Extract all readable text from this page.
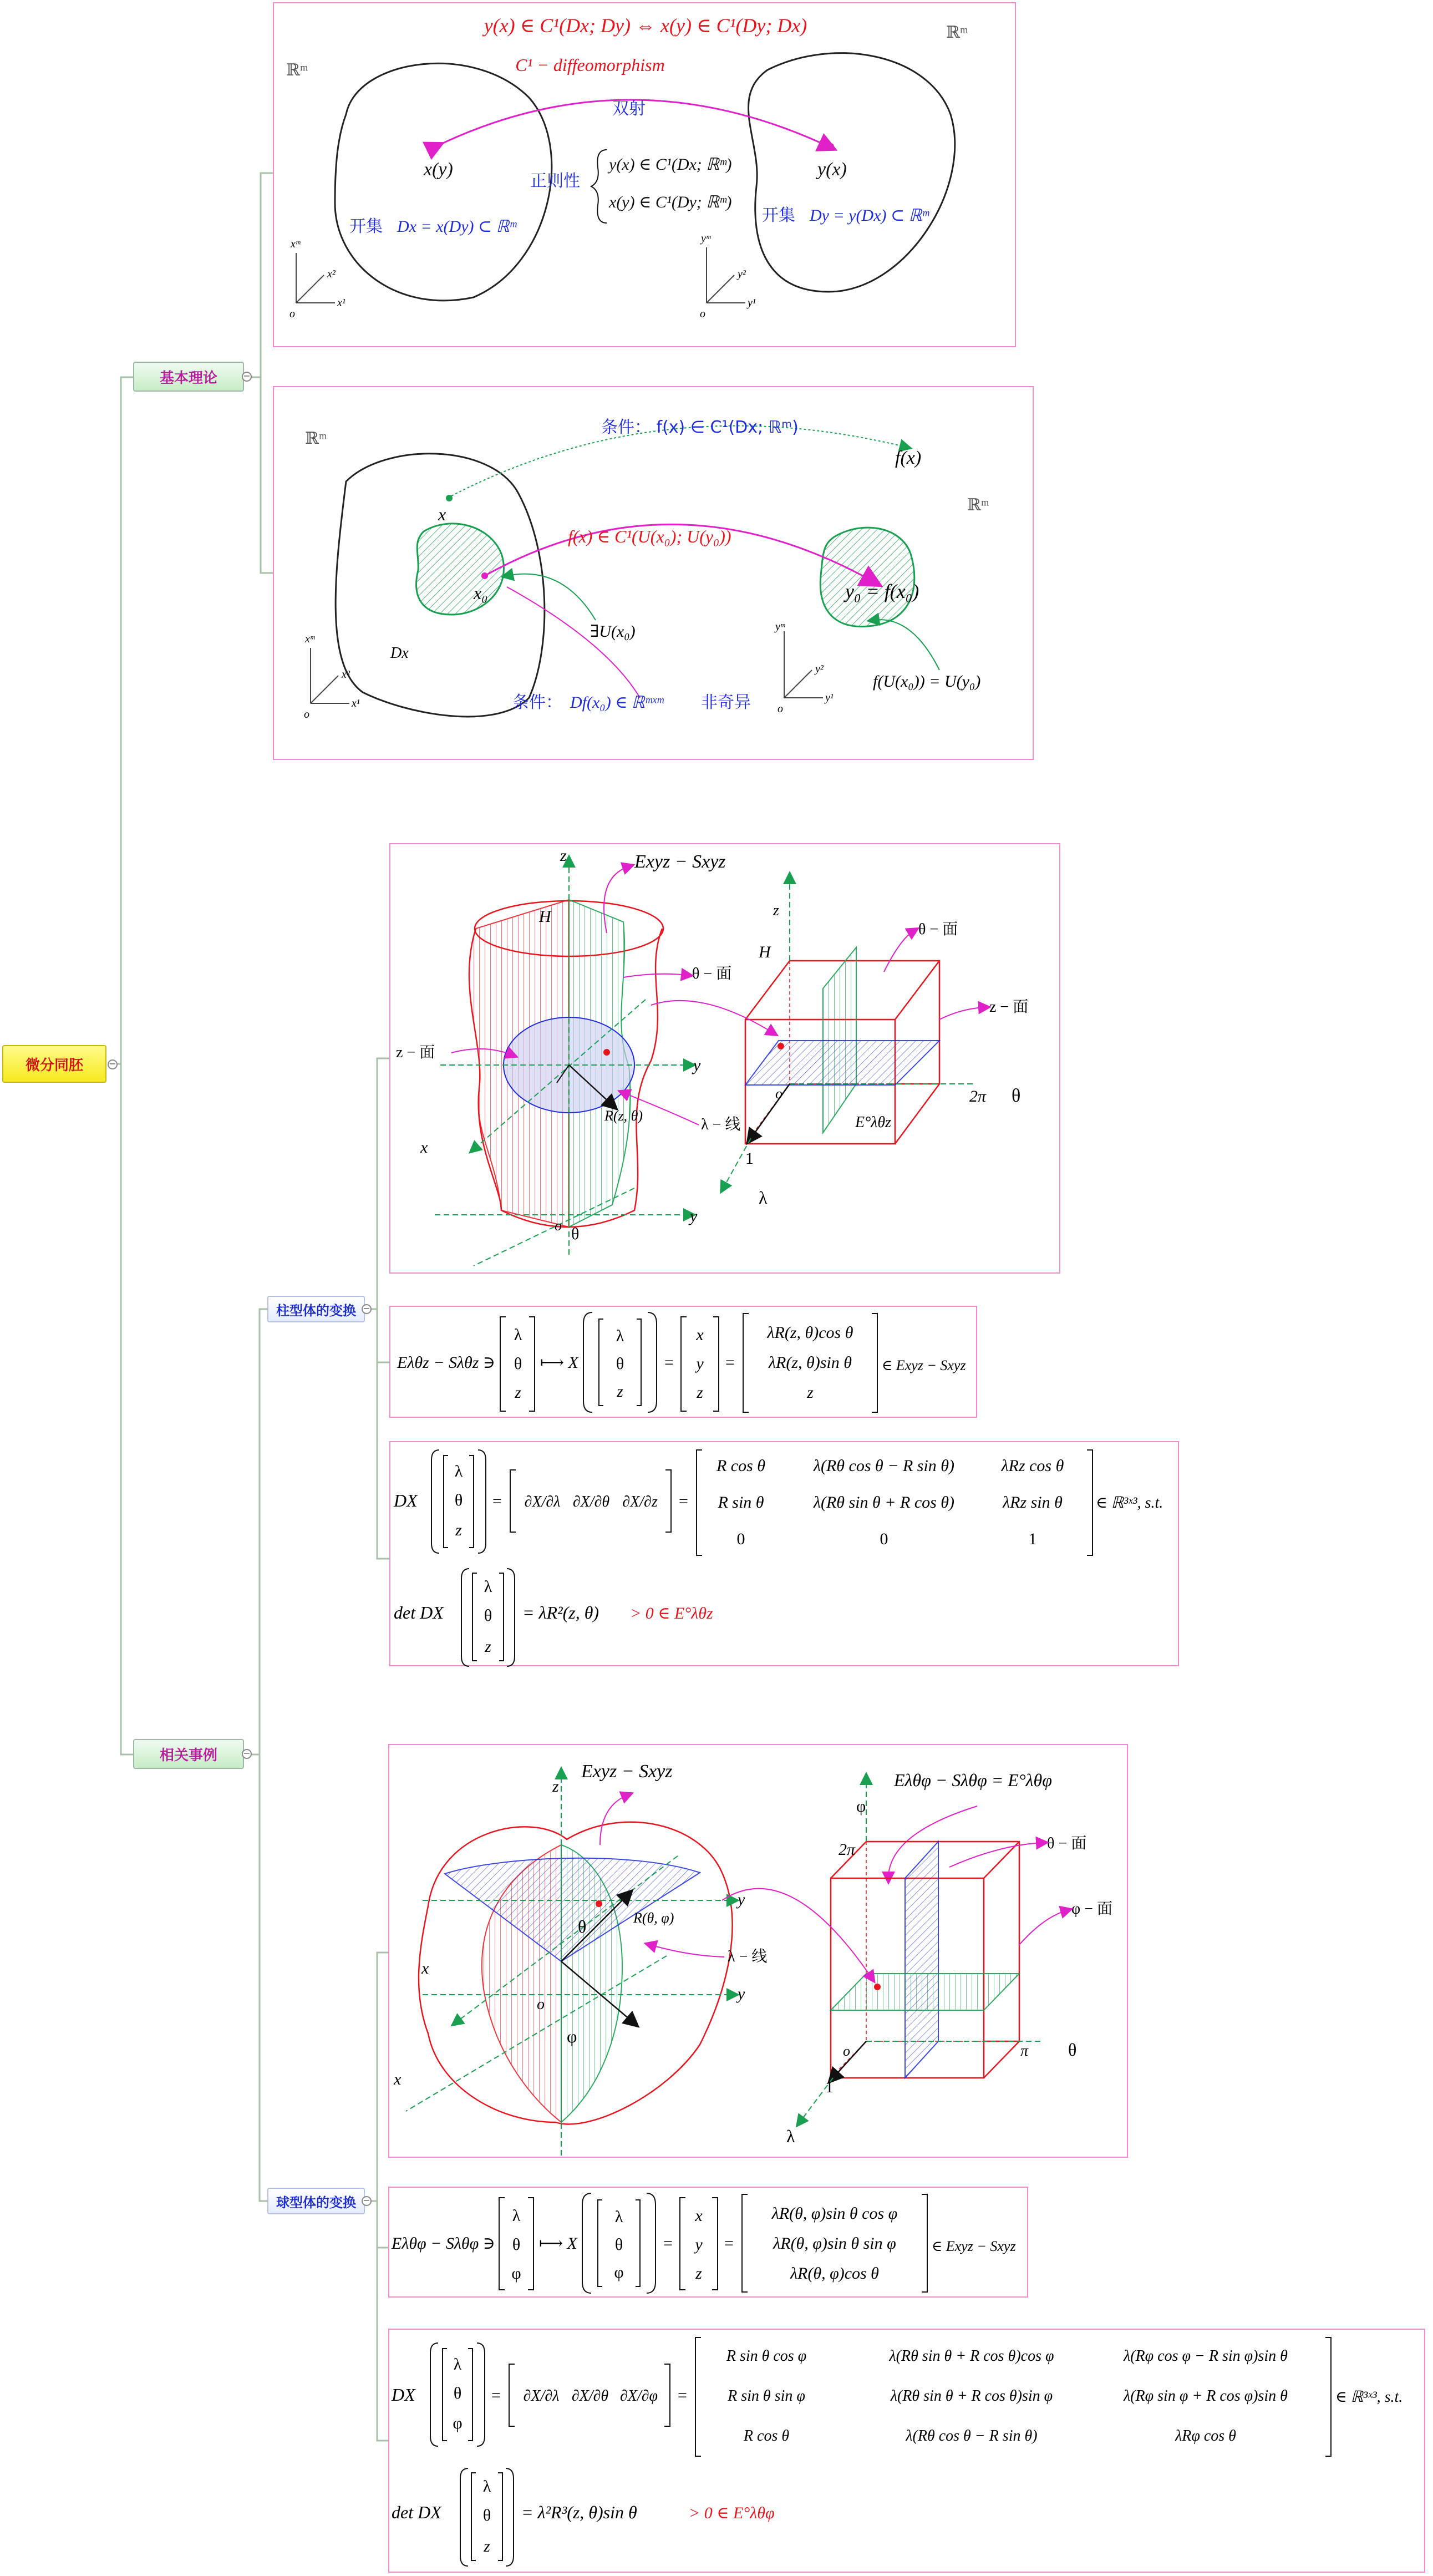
微分同胚	−
基本理论	−
相关事例	−
柱型体的变换 −
球型体的变换 −
y(x) ∈ C¹(Dx; Dy) ⇔ x(y) ∈ C¹(Dy; Dx)
C¹ − diffeomorphism
ℝᵐ
ℝᵐ
双射
x(y)	y(x)
正则性
y(x) ∈ C¹(Dx; ℝᵐ)
x(y) ∈ C¹(Dy; ℝᵐ)
开集 Dx = x(Dy) ⊂ ℝᵐ
开集 Dy = y(Dx) ⊂ ℝᵐ
xᵐ
x²
x¹
o
yᵐ
y²
y¹
o
ℝᵐ
ℝᵐ
x
条件： f(x) ∈ C¹(Dx; ℝᵐ)
f(x)
f(x) ∈ C¹(U(x₀); U(y₀))
x₀
∃U(x₀)
y₀ = f(x₀)
Dx
f(U(x₀)) = U(y₀)
条件： Df(x₀) ∈ ℝᵐˣᵐ 非奇异
xᵐ
x²
x¹
o
yᵐ
y²
y¹
o
z	Exyz − Sxyz
H
θ − 面
z − 面
y
x
R(z, θ)
λ − 线
y
o θ
z
H
θ − 面
z − 面
2π θ
o
E°λθz
1
λ
Eλθz − Sλθz ∋
λ
θ
z
⟼ X
λ
θ
z
=
x
y
z
=
λR(z, θ)cos θ
λR(z, θ)sin θ
z
∈ Exyz − Sxyz
DX
λ
θ
z
= ∂X/∂λ ∂X/∂θ ∂X/∂z =
R cos θ	λ(Rθ cos θ − R sin θ)	λRz cos θ
R sin θ	λ(Rθ sin θ + R cos θ)	λRz sin θ
0	0	1
∈ ℝ³ˣ³, s.t.
det DX
λ
θ
z
= λR²(z, θ) > 0 ∈ E°λθz
z
Exyz − Sxyz
y
y
x
x
θ	R(θ, φ)
λ − 线
o
φ
Eλθφ − Sλθφ = E°λθφ
φ
2π	θ − 面
φ − 面
o	π θ
1
λ
Eλθφ − Sλθφ ∋
λ
θ
φ
⟼ X
λ
θ
φ
=
x
y
z
=
λR(θ, φ)sin θ cos φ
λR(θ, φ)sin θ sin φ
λR(θ, φ)cos θ
∈ Exyz − Sxyz
DX
λ
θ
φ
= ∂X/∂λ ∂X/∂θ ∂X/∂φ =
R sin θ cos φ	λ(Rθ sin θ + R cos θ)cos φ	λ(Rφ cos φ − R sin φ)sin θ
R sin θ sin φ	λ(Rθ sin θ + R cos θ)sin φ	λ(Rφ sin φ + R cos φ)sin θ
R cos θ	λ(Rθ cos θ − R sin θ)	λRφ cos θ
∈ ℝ³ˣ³, s.t.
det DX
λ
θ
z
= λ²R³(z, θ)sin θ	> 0 ∈ E°λθφ
